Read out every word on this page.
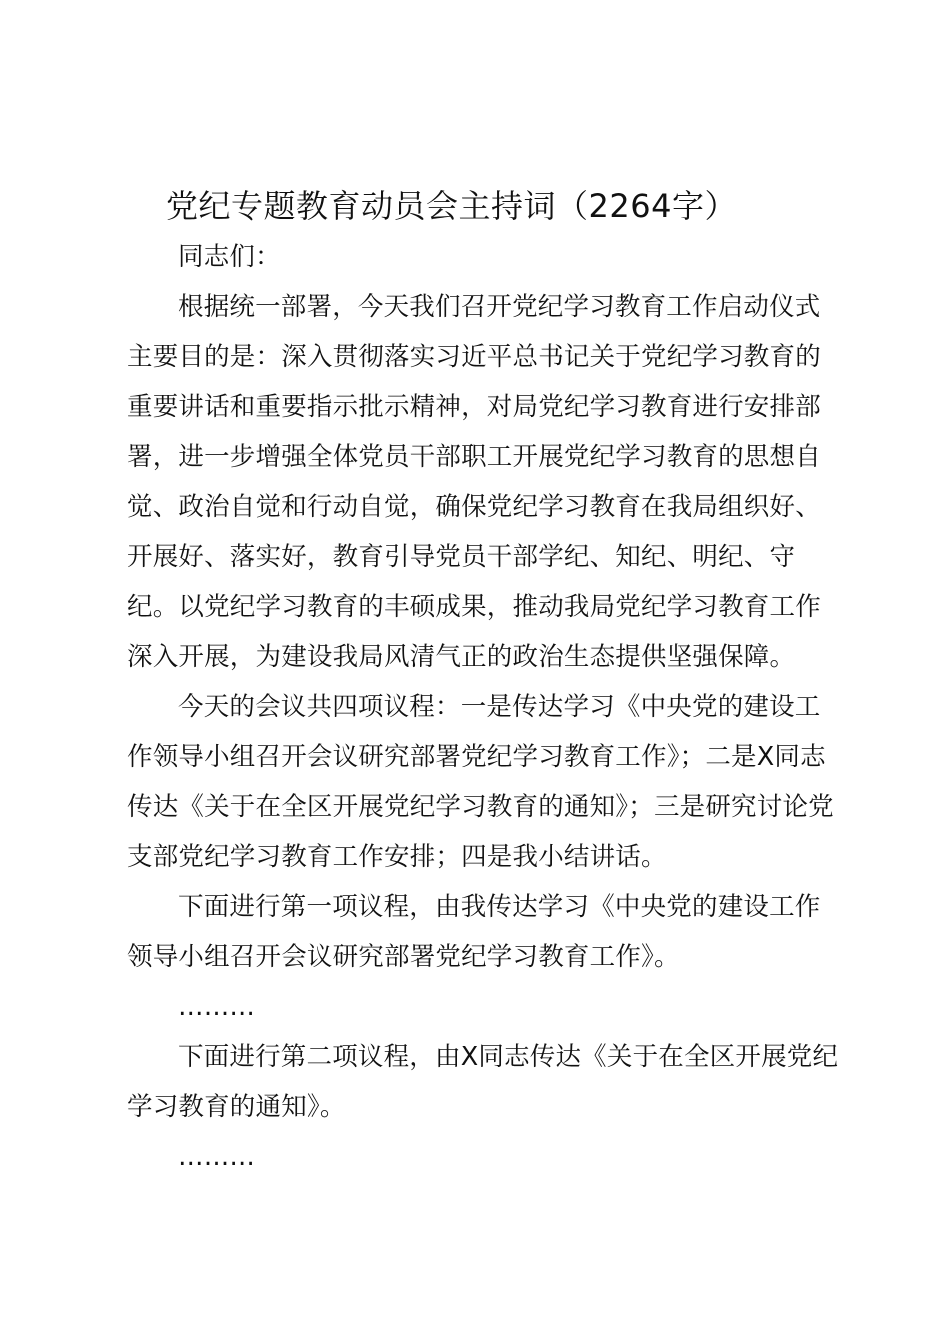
党纪专题教育动员会主持词（2264字）

同志们：

根据统一部署，今天我们召开党纪学习教育工作启动仪式主要目的是：深入贯彻落实习近平总书记关于党纪学习教育的重要讲话和重要指示批示精神，对局党纪学习教育进行安排部署，进一步增强全体党员干部职工开展党纪学习教育的思想自觉、政治自觉和行动自觉，确保党纪学习教育在我局组织好、开展好、落实好，教育引导党员干部学纪、知纪、明纪、守纪。以党纪学习教育的丰硕成果，推动我局党纪学习教育工作深入开展，为建设我局风清气正的政治生态提供坚强保障。

今天的会议共四项议程：一是传达学习《中央党的建设工作领导小组召开会议研究部署党纪学习教育工作》；二是X同志传达《关于在全区开展党纪学习教育的通知》；三是研究讨论党支部党纪学习教育工作安排；四是我小结讲话。

下面进行第一项议程，由我传达学习《中央党的建设工作领导小组召开会议研究部署党纪学习教育工作》。

………

下面进行第二项议程，由X同志传达《关于在全区开展党纪学习教育的通知》。

………
